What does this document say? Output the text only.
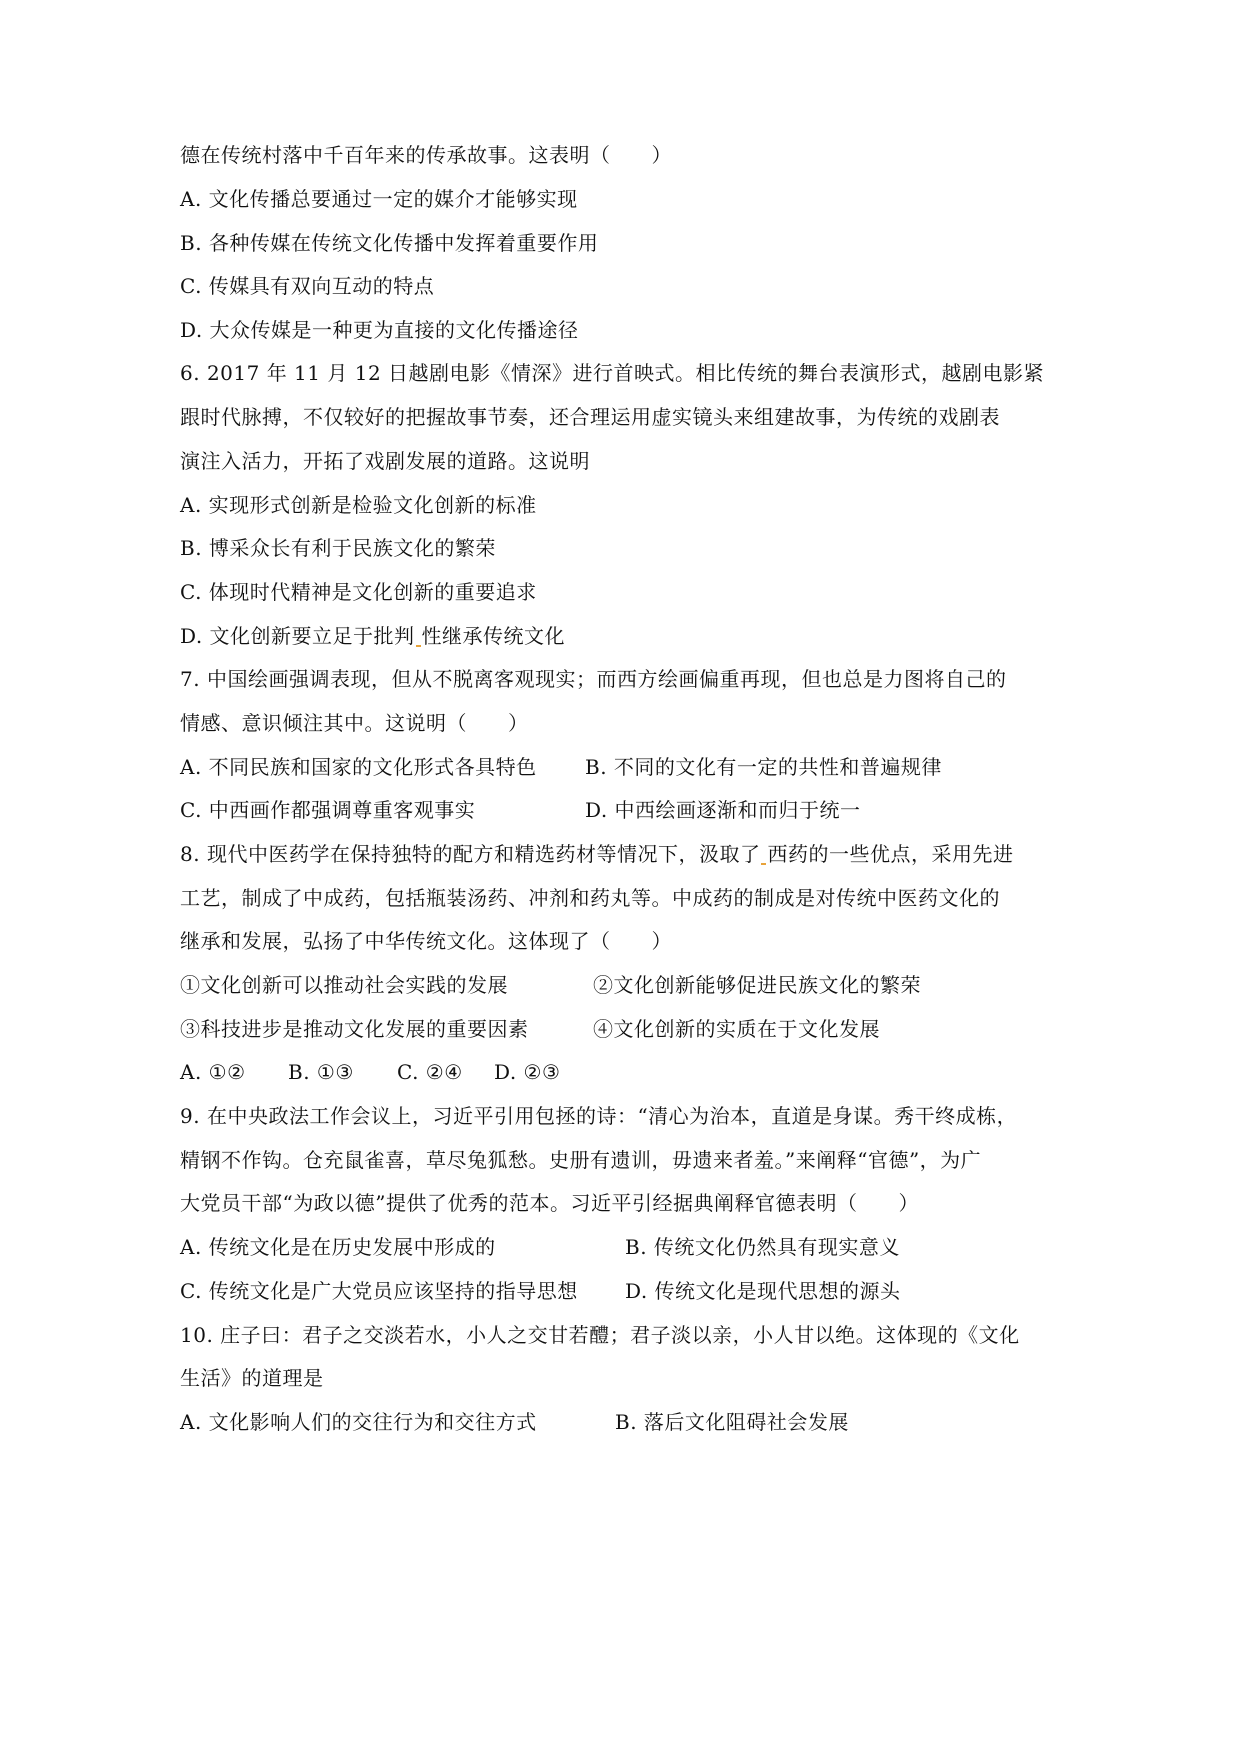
德在传统村落中千百年来的传承故事。这表明（　　）
A. 文化传播总要通过一定的媒介才能够实现
B. 各种传媒在传统文化传播中发挥着重要作用
C. 传媒具有双向互动的特点
D. 大众传媒是一种更为直接的文化传播途径
6. 2017 年 11 月 12 日越剧电影《情深》进行首映式。相比传统的舞台表演形式，越剧电影紧
跟时代脉搏，不仅较好的把握故事节奏，还合理运用虚实镜头来组建故事，为传统的戏剧表
演注入活力，开拓了戏剧发展的道路。这说明
A. 实现形式创新是检验文化创新的标准
B. 博采众长有利于民族文化的繁荣
C. 体现时代精神是文化创新的重要追求
D. 文化创新要立足于批判 性继承传统文化
7. 中国绘画强调表现，但从不脱离客观现实；而西方绘画偏重再现，但也总是力图将自己的
情感、意识倾注其中。这说明（　　）
A. 不同民族和国家的文化形式各具特色 B. 不同的文化有一定的共性和普遍规律
C. 中西画作都强调尊重客观事实	D. 中西绘画逐渐和而归于统一
8. 现代中医药学在保持独特的配方和精选药材等情况下，汲取了 西药的一些优点，采用先进
工艺，制成了中成药，包括瓶装汤药、冲剂和药丸等。中成药的制成是对传统中医药文化的
继承和发展，弘扬了中华传统文化。这体现了（　　）
①文化创新可以推动社会实践的发展	②文化创新能够促进民族文化的繁荣
③科技进步是推动文化发展的重要因素	④文化创新的实质在于文化发展
A. ①② B. ①③ C. ②④ D. ②③
9. 在中央政法工作会议上，习近平引用包拯的诗：“清心为治本，直道是身谋。秀干终成栋，
精钢不作钩。仓充鼠雀喜，草尽兔狐愁。史册有遗训，毋遗来者羞。”来阐释“官德”，为广
大党员干部“为政以德”提供了优秀的范本。习近平引经据典阐释官德表明（　　）
A. 传统文化是在历史发展中形成的	B. 传统文化仍然具有现实意义
C. 传统文化是广大党员应该坚持的指导思想 D. 传统文化是现代思想的源头
10. 庄子曰：君子之交淡若水，小人之交甘若醴；君子淡以亲，小人甘以绝。这体现的《文化
生活》的道理是
A. 文化影响人们的交往行为和交往方式	B. 落后文化阻碍社会发展
